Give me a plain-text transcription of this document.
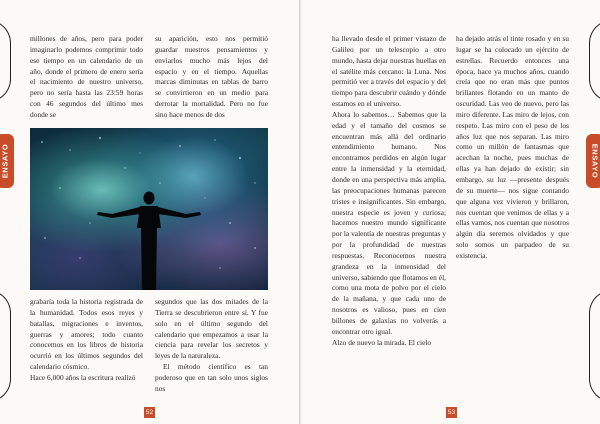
ENSAYO

millones de años, pero para poder imaginarlo podemos comprimir todo ese tiempo en un calendario de un año, donde el primero de enero sería el nacimiento de nuestro universo, pero no sería hasta las 23:59 horas con 46 segundos del último mes donde se

su aparición, esto nos permitió guardar nuestros pensamientos y enviarlos mucho más lejos del espacio y en el tiempo. Aquellas marcas diminutas en tablas de barro se convirtieron en un medio para derrotar la mortalidad. Pero no fue sino hace menos de dos

grabaría toda la historia registrada de la humanidad. Todos esos reyes y batallas, migraciones e inventos, guerras y amores; todo cuanto conocemos en los libros de historia ocurrió en los últimos segundos del calendario cósmico.

Hace 6,000 años la escritura realizó

segundos que las dos mitades de la Tierra se descubrieron entre sí. Y fue solo en el último segundo del calendario que empezamos a usar la ciencia para revelar los secretos y leyes de la naturaleza.

El método científico es tan poderoso que en tan solo unos siglos nos

52
ENSAYO

ha llevado desde el primer vistazo de Galileo por un telescopio a otro mundo, hasta dejar nuestras huellas en el satélite más cercano: la Luna. Nos permitió ver a través del espacio y del tiempo para descubrir cuándo y dónde estamos en el universo.

Ahora lo sabemos… Sabemos que la edad y el tamaño del cosmos se encuentran más allá del ordinario entendimiento humano. Nos encontramos perdidos en algún lugar entre la inmensidad y la eternidad, donde en una perspectiva más amplia, las preocupaciones humanas parecen tristes e insignificantes. Sin embargo, nuestra especie es joven y curiosa; hacemos nuestro mundo significante por la valentía de nuestras preguntas y por la profundidad de nuestras respuestas. Reconocemos nuestra grandeza en la inmensidad del universo, sabiendo que flotamos en él, como una mota de polvo por el cielo de la mañana, y que cada uno de nosotros es valioso, pues en cien billones de galaxias no volverás a encontrar otro igual.

Alzo de nuevo la mirada. El cielo

ha dejado atrás el tinte rosado y en su lugar se ha colocado un ejército de estrellas. Recuerdo entonces una época, hace ya muchos años, cuando creía que no eran más que puntos brillantes flotando en un manto de oscuridad. Las veo de nuevo, pero las miro diferente. Las miro de lejos, con respeto. Las miro con el peso de los años luz que nos separan. Las miro como un millón de fantasmas que acechan la noche, pues muchas de ellas ya han dejado de existir; sin embargo, su luz —presente después de su muerte— nos sigue contando que alguna vez vivieron y brillaron, nos cuentan que venimos de ellas y a ellas vamos, nos cuentan que nosotros algún día seremos olvidados y que solo somos un parpadeo de su existencia.

53
